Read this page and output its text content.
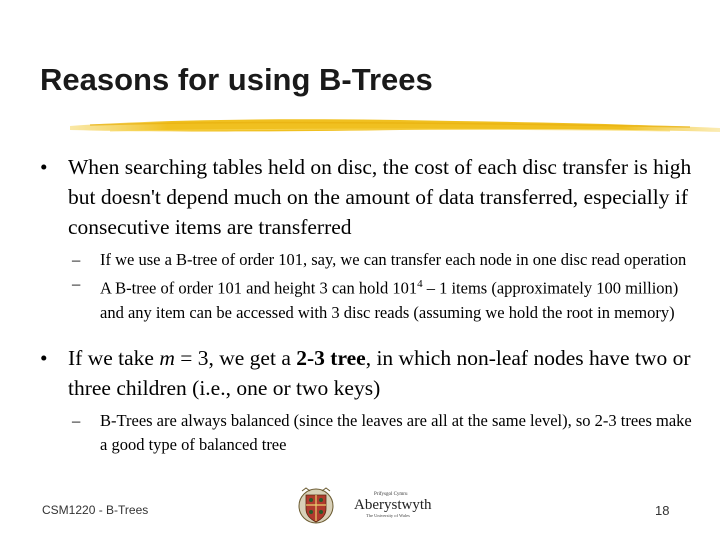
Reasons for using B-Trees
• When searching tables held on disc, the cost of each disc transfer is high but doesn't depend much on the amount of data transferred, especially if consecutive items are transferred
– If we use a B-tree of order 101, say, we can transfer each node in one disc read operation
– A B-tree of order 101 and height 3 can hold $101^4 - 1$ items (approximately 100 million) and any item can be accessed with 3 disc reads (assuming we hold the root in memory)
• If we take m = 3, we get a 2-3 tree, in which non-leaf nodes have two or three children (i.e., one or two keys)
– B-Trees are always balanced (since the leaves are all at the same level), so 2-3 trees make a good type of balanced tree
CSM1220 - B-Trees
Prifysgol Cymru
Aberystwyth
The University of Wales	18
